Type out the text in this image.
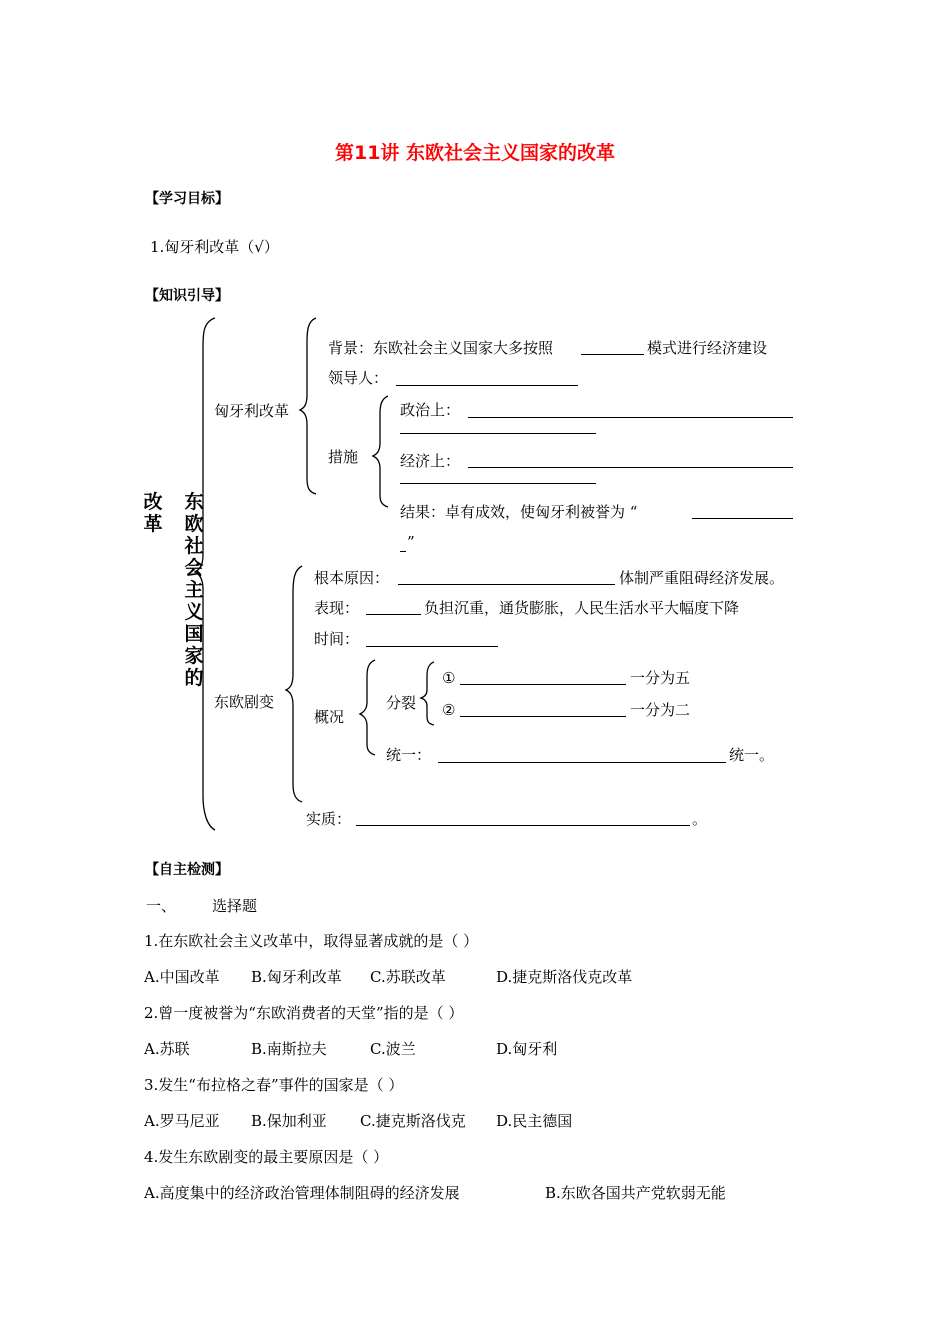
第11讲 东欧社会主义国家的改革
【学习目标】
1.匈牙利改革（√）
【知识引导】
改
革
东
欧
社
会
主
义
国
家
的
匈牙利改革
背景：东欧社会主义国家大多按照	模式进行经济建设
领导人：
措施
政治上：
经济上：
结果：卓有成效，使匈牙利被誉为 “
”
东欧剧变
根本原因：	体制严重阻碍经济发展。
表现：	负担沉重，通货膨胀，人民生活水平大幅度下降
时间：
概况
分裂
①	一分为五
②	一分为二
统一：	统一。
实质：	。
【自主检测】
一、 选择题
1.在东欧社会主义改革中，取得显著成就的是（ ）
A.中国改革 B.匈牙利改革 C.苏联改革	D.捷克斯洛伐克改革
2.曾一度被誉为“东欧消费者的天堂”指的是（ ）
A.苏联	B.南斯拉夫	C.波兰	D.匈牙利
3.发生“布拉格之春”事件的国家是（ ）
A.罗马尼亚 B.保加利亚 C.捷克斯洛伐克 D.民主德国
4.发生东欧剧变的最主要原因是（ ）
A.高度集中的经济政治管理体制阻碍的经济发展	B.东欧各国共产党软弱无能
